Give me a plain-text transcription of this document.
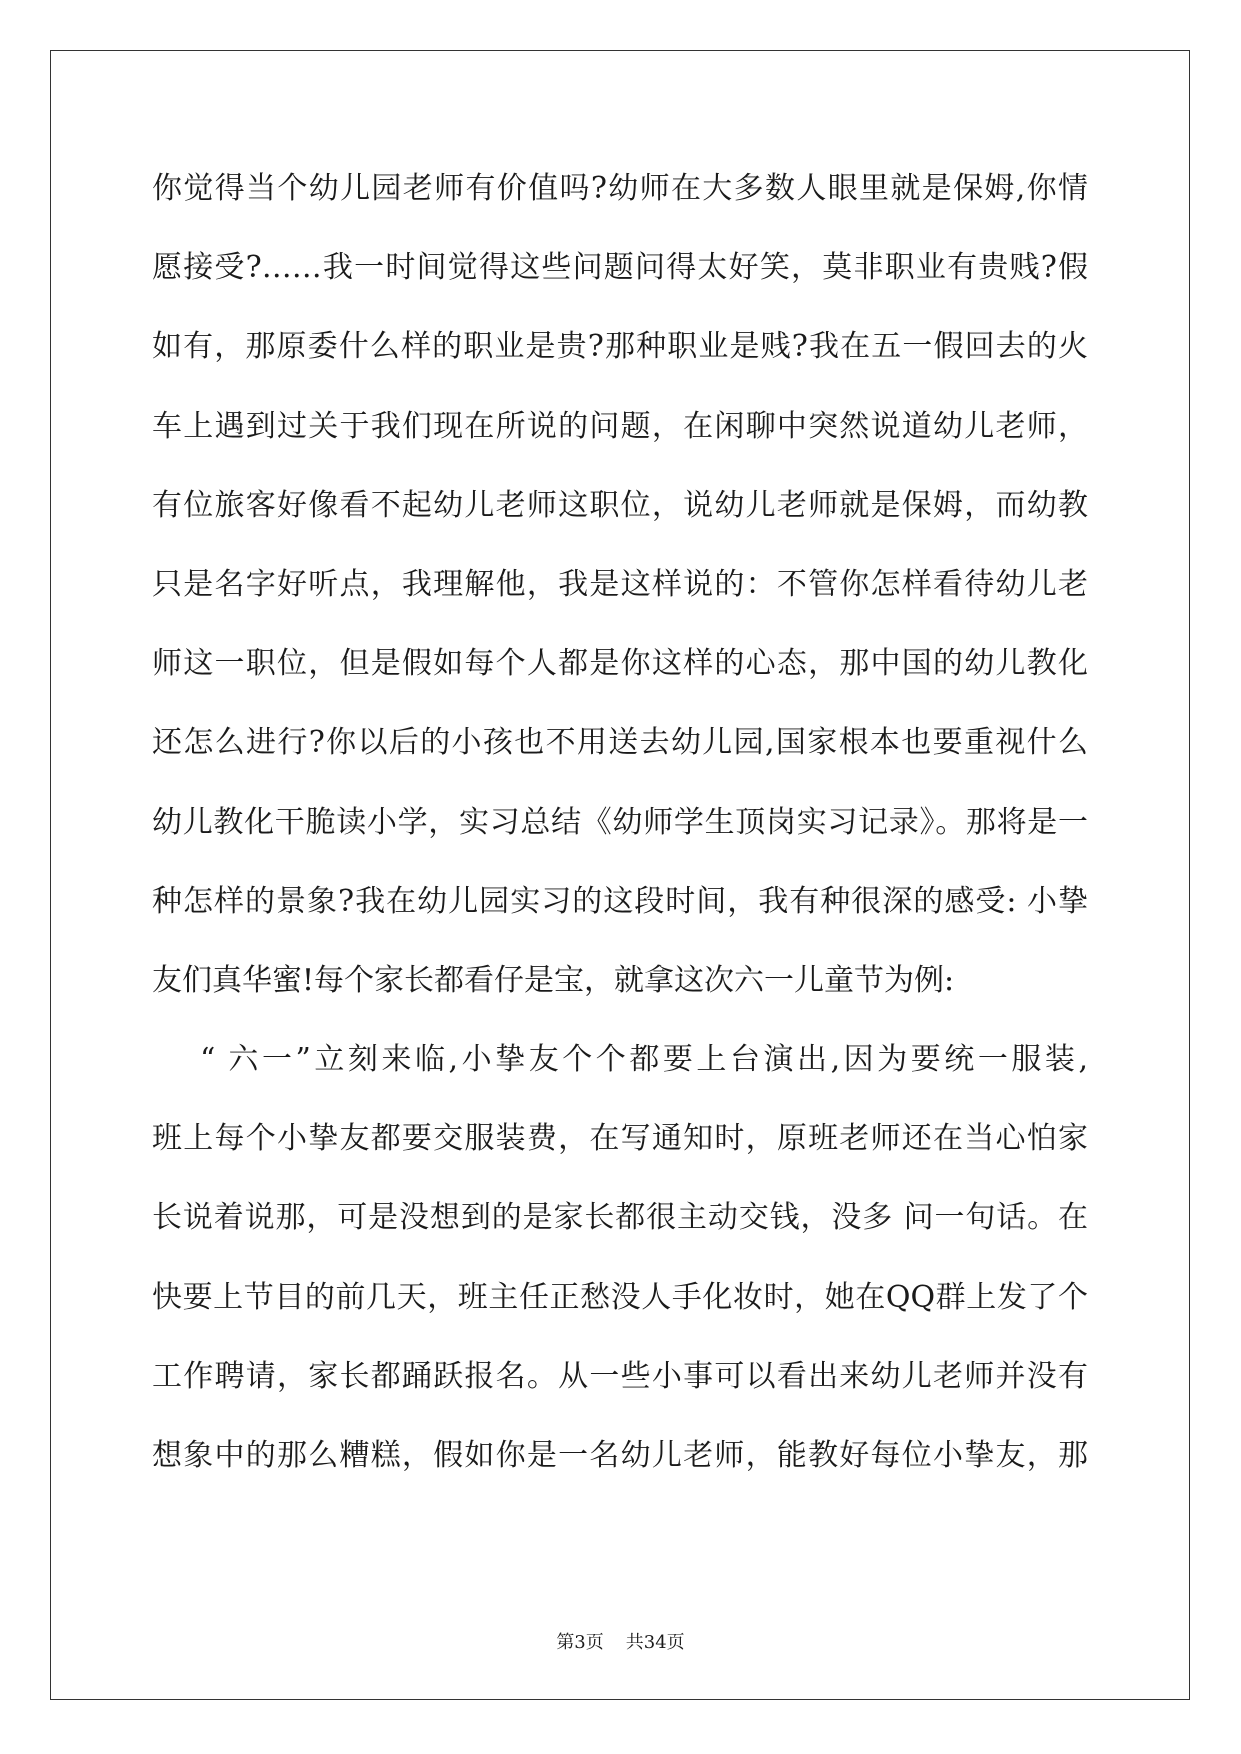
你觉得当个幼儿园老师有价值吗?幼师在大多数人眼里就是保姆,你情
愿接受?……我一时间觉得这些问题问得太好笑，莫非职业有贵贱?假
如有，那原委什么样的职业是贵?那种职业是贱?我在五一假回去的火
车上遇到过关于我们现在所说的问题，在闲聊中突然说道幼儿老师，
有位旅客好像看不起幼儿老师这职位，说幼儿老师就是保姆，而幼教
只是名字好听点，我理解他，我是这样说的：不管你怎样看待幼儿老
师这一职位，但是假如每个人都是你这样的心态，那中国的幼儿教化
还怎么进行?你以后的小孩也不用送去幼儿园,国家根本也要重视什么
幼儿教化干脆读小学，实习总结《幼师学生顶岗实习记录》。那将是一
种怎样的景象?我在幼儿园实习的这段时间，我有种很深的感受: 小挚
友们真华蜜!每个家长都看仔是宝，就拿这次六一儿童节为例:
“ 六一”立刻来临,小挚友个个都要上台演出,因为要统一服装,
班上每个小挚友都要交服装费，在写通知时，原班老师还在当心怕家
长说着说那，可是没想到的是家长都很主动交钱，没多 问一句话。在
快要上节目的前几天，班主任正愁没人手化妆时，她在QQ群上发了个
工作聘请，家长都踊跃报名。从一些小事可以看出来幼儿老师并没有
想象中的那么糟糕，假如你是一名幼儿老师，能教好每位小挚友，那
第3页 共34页
